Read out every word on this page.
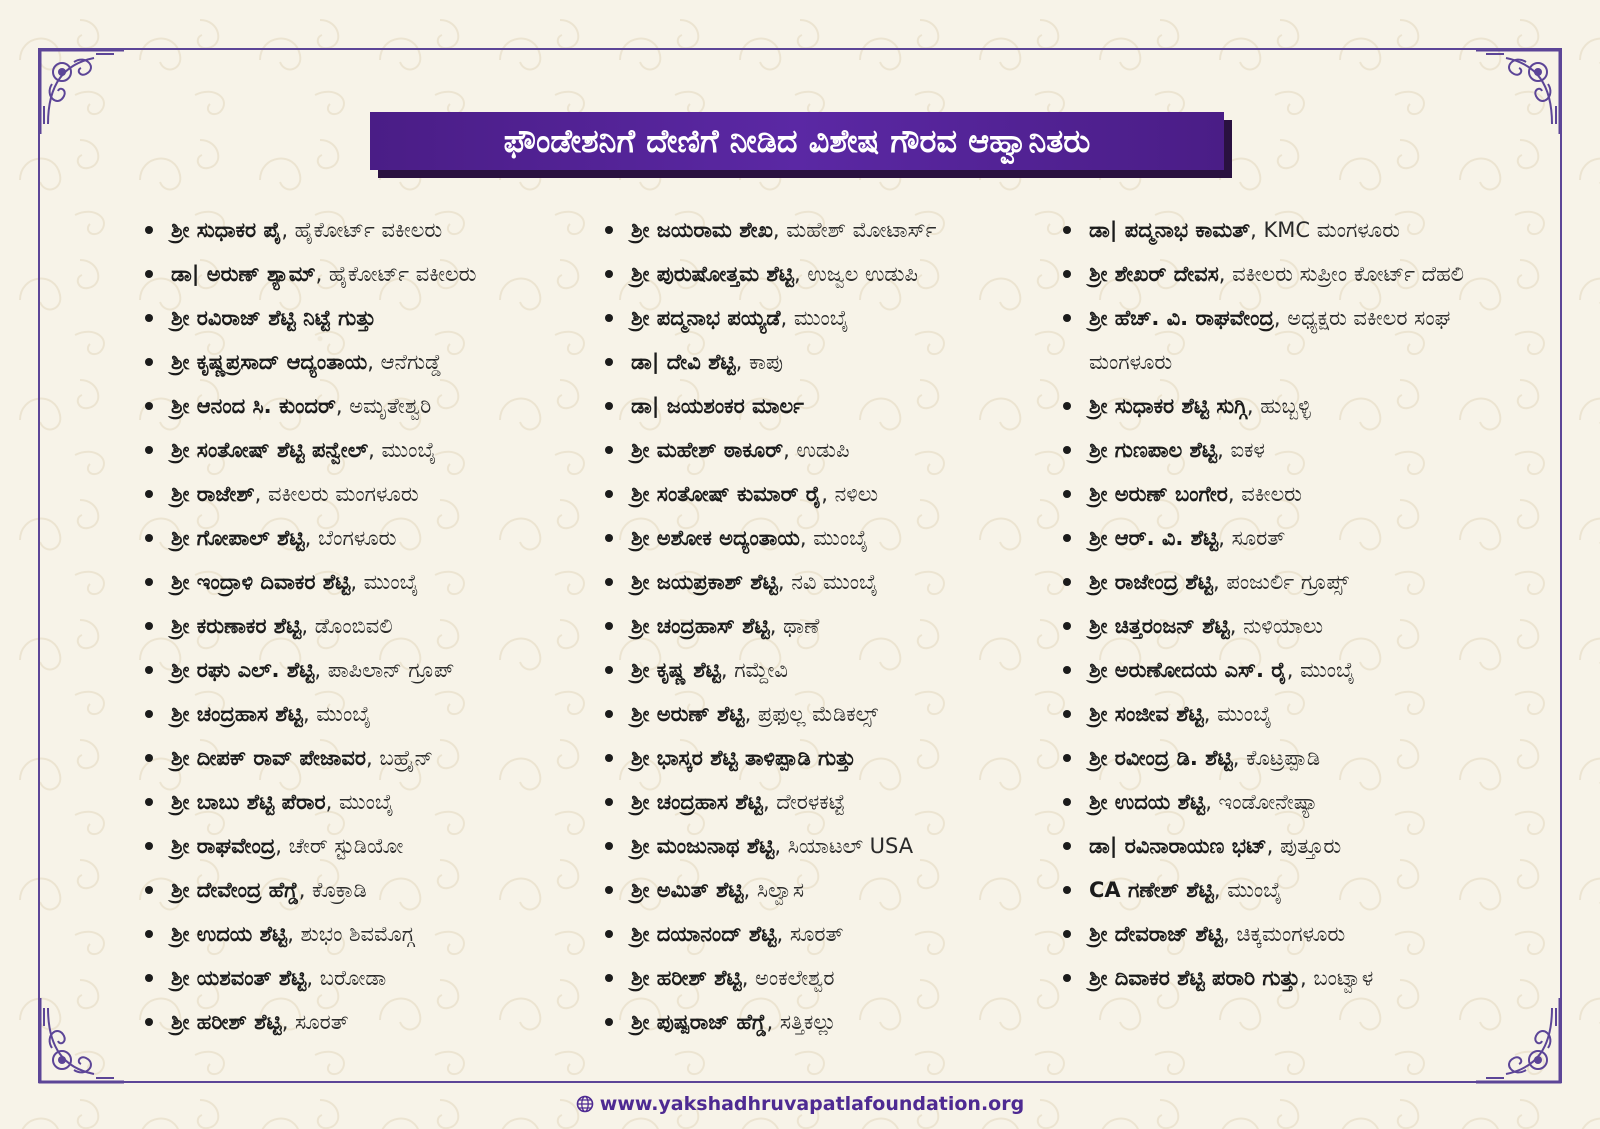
ಫೌಂಡೇಶನಿಗೆ ದೇಣಿಗೆ ನೀಡಿದ ವಿಶೇಷ ಗೌರವ ಆಹ್ವಾನಿತರು
ಶ್ರೀ ಸುಧಾಕರ ಪೈ, ಹೈಕೋರ್ಟ್ ವಕೀಲರು
ಡಾ| ಅರುಣ್ ಶ್ಯಾಮ್, ಹೈಕೋರ್ಟ್ ವಕೀಲರು
ಶ್ರೀ ರವಿರಾಜ್ ಶೆಟ್ಟಿ ನಿಟ್ಟೆ ಗುತ್ತು
ಶ್ರೀ ಕೃಷ್ಣಪ್ರಸಾದ್ ಆದ್ಯಂತಾಯ, ಆನೆಗುಡ್ಡೆ
ಶ್ರೀ ಆನಂದ ಸಿ. ಕುಂದರ್, ಅಮೃತೇಶ್ವರಿ
ಶ್ರೀ ಸಂತೋಷ್ ಶೆಟ್ಟಿ ಪನ್ವೇಲ್, ಮುಂಬೈ
ಶ್ರೀ ರಾಜೇಶ್, ವಕೀಲರು ಮಂಗಳೂರು
ಶ್ರೀ ಗೋಪಾಲ್ ಶೆಟ್ಟಿ, ಬೆಂಗಳೂರು
ಶ್ರೀ ಇಂದ್ರಾಳಿ ದಿವಾಕರ ಶೆಟ್ಟಿ, ಮುಂಬೈ
ಶ್ರೀ ಕರುಣಾಕರ ಶೆಟ್ಟಿ, ಡೊಂಬಿವಲಿ
ಶ್ರೀ ರಘು ಎಲ್. ಶೆಟ್ಟಿ, ಪಾಪಿಲಾನ್ ಗ್ರೂಪ್
ಶ್ರೀ ಚಂದ್ರಹಾಸ ಶೆಟ್ಟಿ, ಮುಂಬೈ
ಶ್ರೀ ದೀಪಕ್ ರಾವ್ ಪೇಜಾವರ, ಬಹ್ರೈನ್
ಶ್ರೀ ಬಾಬು ಶೆಟ್ಟಿ ಪೆರಾರ, ಮುಂಬೈ
ಶ್ರೀ ರಾಘವೇಂದ್ರ, ಚೇರ್ ಸ್ಟುಡಿಯೋ
ಶ್ರೀ ದೇವೇಂದ್ರ ಹೆಗ್ಡೆ, ಕೊಕ್ರಾಡಿ
ಶ್ರೀ ಉದಯ ಶೆಟ್ಟಿ, ಶುಭಂ ಶಿವಮೊಗ್ಗ
ಶ್ರೀ ಯಶವಂತ್ ಶೆಟ್ಟಿ, ಬರೋಡಾ
ಶ್ರೀ ಹರೀಶ್ ಶೆಟ್ಟಿ, ಸೂರತ್
ಶ್ರೀ ಜಯರಾಮ ಶೇಖ, ಮಹೇಶ್ ಮೋಟಾರ್ಸ್
ಶ್ರೀ ಪುರುಷೋತ್ತಮ ಶೆಟ್ಟಿ, ಉಜ್ವಲ ಉಡುಪಿ
ಶ್ರೀ ಪದ್ಮನಾಭ ಪಯ್ಯಡೆ, ಮುಂಬೈ
ಡಾ| ದೇವಿ ಶೆಟ್ಟಿ, ಕಾಪು
ಡಾ| ಜಯಶಂಕರ ಮಾರ್ಲ
ಶ್ರೀ ಮಹೇಶ್ ಠಾಕೂರ್, ಉಡುಪಿ
ಶ್ರೀ ಸಂತೋಷ್ ಕುಮಾರ್ ರೈ, ನಳಿಲು
ಶ್ರೀ ಅಶೋಕ ಅದ್ಯಂತಾಯ, ಮುಂಬೈ
ಶ್ರೀ ಜಯಪ್ರಕಾಶ್ ಶೆಟ್ಟಿ, ನವಿ ಮುಂಬೈ
ಶ್ರೀ ಚಂದ್ರಹಾಸ್ ಶೆಟ್ಟಿ, ಥಾಣೆ
ಶ್ರೀ ಕೃಷ್ಣ ಶೆಟ್ಟಿ, ಗಮ್ದೇವಿ
ಶ್ರೀ ಅರುಣ್ ಶೆಟ್ಟಿ, ಪ್ರಫುಲ್ಲ ಮೆಡಿಕಲ್ಸ್
ಶ್ರೀ ಭಾಸ್ಕರ ಶೆಟ್ಟಿ ತಾಳಿಪ್ಪಾಡಿ ಗುತ್ತು
ಶ್ರೀ ಚಂದ್ರಹಾಸ ಶೆಟ್ಟಿ, ದೇರಳಕಟ್ಟೆ
ಶ್ರೀ ಮಂಜುನಾಥ ಶೆಟ್ಟಿ, ಸಿಯಾಟಲ್ USA
ಶ್ರೀ ಅಮಿತ್ ಶೆಟ್ಟಿ, ಸಿಲ್ವಾಸ
ಶ್ರೀ ದಯಾನಂದ್ ಶೆಟ್ಟಿ, ಸೂರತ್
ಶ್ರೀ ಹರೀಶ್ ಶೆಟ್ಟಿ, ಅಂಕಲೇಶ್ವರ
ಶ್ರೀ ಪುಷ್ಪರಾಜ್ ಹೆಗ್ಡೆ, ಸತ್ತಿಕಲ್ಲು
ಡಾ| ಪದ್ಮನಾಭ ಕಾಮತ್, KMC ಮಂಗಳೂರು
ಶ್ರೀ ಶೇಖರ್ ದೇವಸ, ವಕೀಲರು ಸುಪ್ರೀಂ ಕೋರ್ಟ್ ದೆಹಲಿ
ಶ್ರೀ ಹೆಚ್. ವಿ. ರಾಘವೇಂದ್ರ, ಅಧ್ಯಕ್ಷರು ವಕೀಲರ ಸಂಘ ಮಂಗಳೂರು
ಶ್ರೀ ಸುಧಾಕರ ಶೆಟ್ಟಿ ಸುಗ್ಗಿ, ಹುಬ್ಬಳ್ಳಿ
ಶ್ರೀ ಗುಣಪಾಲ ಶೆಟ್ಟಿ, ಐಕಳ
ಶ್ರೀ ಅರುಣ್ ಬಂಗೇರ, ವಕೀಲರು
ಶ್ರೀ ಆರ್. ವಿ. ಶೆಟ್ಟಿ, ಸೂರತ್
ಶ್ರೀ ರಾಜೇಂದ್ರ ಶೆಟ್ಟಿ, ಪಂಜುರ್ಲಿ ಗ್ರೂಪ್ಸ್
ಶ್ರೀ ಚಿತ್ತರಂಜನ್ ಶೆಟ್ಟಿ, ನುಳಿಯಾಲು
ಶ್ರೀ ಅರುಣೋದಯ ಎಸ್. ರೈ, ಮುಂಬೈ
ಶ್ರೀ ಸಂಜೀವ ಶೆಟ್ಟಿ, ಮುಂಬೈ
ಶ್ರೀ ರವೀಂದ್ರ ಡಿ. ಶೆಟ್ಟಿ, ಕೊಟ್ರಪ್ಪಾಡಿ
ಶ್ರೀ ಉದಯ ಶೆಟ್ಟಿ, ಇಂಡೋನೇಷ್ಯಾ
ಡಾ| ರವಿನಾರಾಯಣ ಭಟ್, ಪುತ್ತೂರು
CA ಗಣೇಶ್ ಶೆಟ್ಟಿ, ಮುಂಬೈ
ಶ್ರೀ ದೇವರಾಜ್ ಶೆಟ್ಟಿ, ಚಿಕ್ಕಮಂಗಳೂರು
ಶ್ರೀ ದಿವಾಕರ ಶೆಟ್ಟಿ ಪರಾರಿ ಗುತ್ತು, ಬಂಟ್ವಾಳ
www.yakshadhruvapatlafoundation.org
